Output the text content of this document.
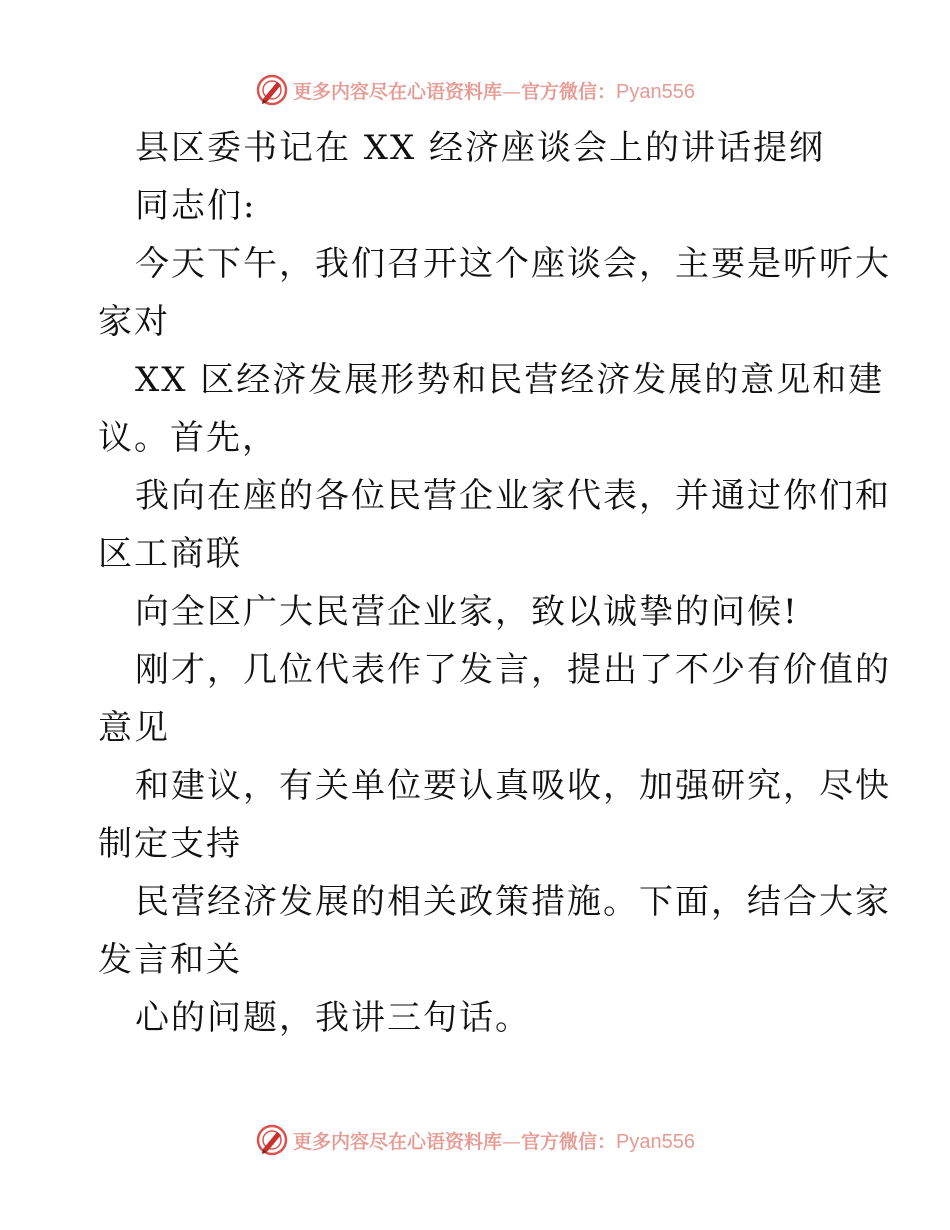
更多内容尽在心语资料库—官方微信：Pyan556
县区委书记在 XX 经济座谈会上的讲话提纲
同志们:
今天下午，我们召开这个座谈会，主要是听听大
家对
XX 区经济发展形势和民营经济发展的意见和建
议。首先，
我向在座的各位民营企业家代表，并通过你们和
区工商联
向全区广大民营企业家，致以诚挚的问候!
刚才，几位代表作了发言，提出了不少有价值的
意见
和建议，有关单位要认真吸收，加强研究，尽快
制定支持
民营经济发展的相关政策措施。下面，结合大家
发言和关
心的问题，我讲三句话。
更多内容尽在心语资料库—官方微信：Pyan556
